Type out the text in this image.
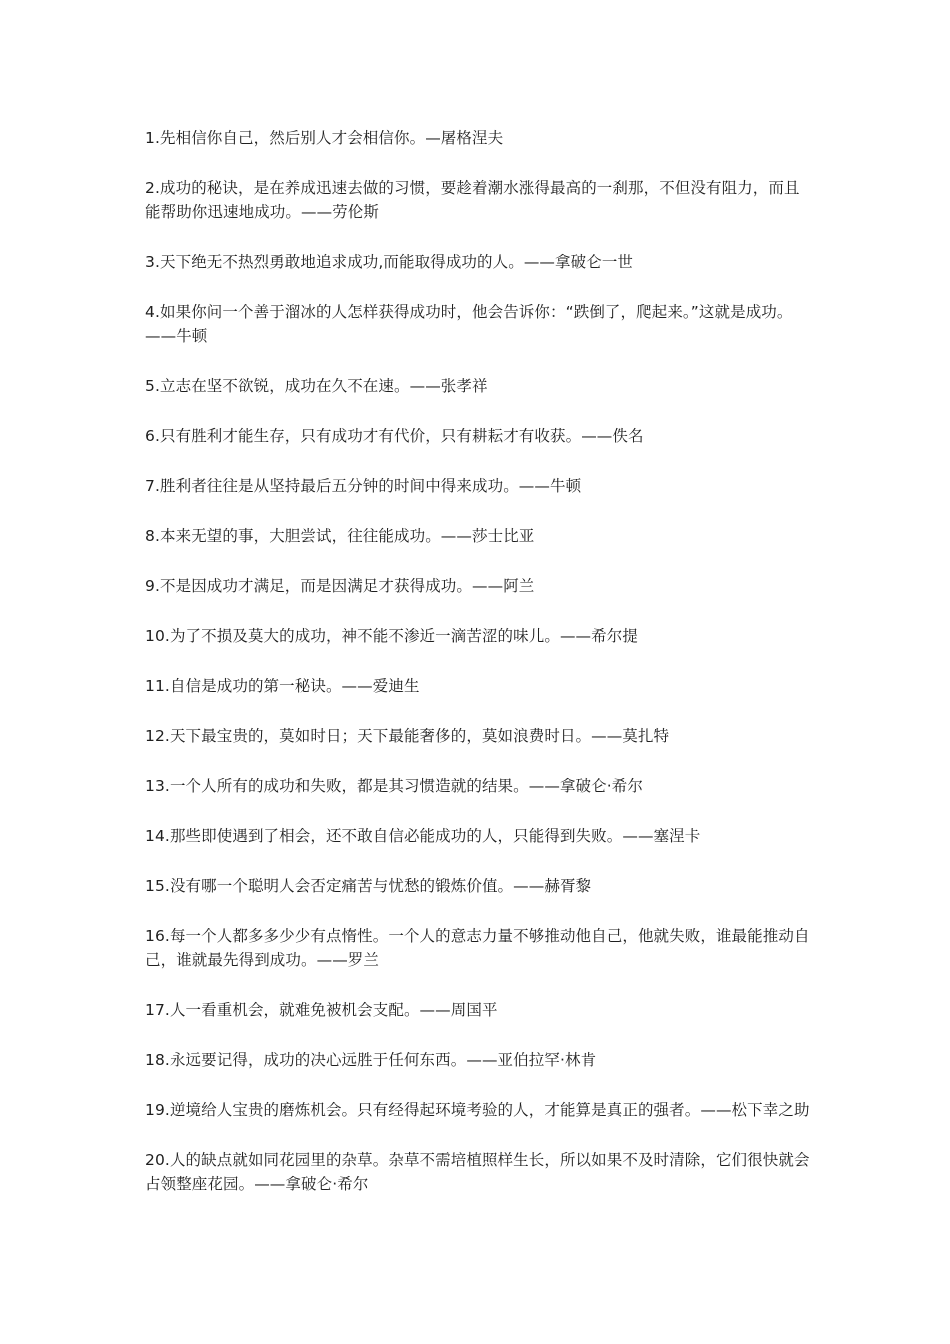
1.先相信你自己，然后别人才会相信你。—屠格涅夫
2.成功的秘诀，是在养成迅速去做的习惯，要趁着潮水涨得最高的一刹那，不但没有阻力，而且能帮助你迅速地成功。——劳伦斯
3.天下绝无不热烈勇敢地追求成功,而能取得成功的人。——拿破仑一世
4.如果你问一个善于溜冰的人怎样获得成功时，他会告诉你：“跌倒了，爬起来。”这就是成功。——牛顿
5.立志在坚不欲锐，成功在久不在速。——张孝祥
6.只有胜利才能生存，只有成功才有代价，只有耕耘才有收获。——佚名
7.胜利者往往是从坚持最后五分钟的时间中得来成功。——牛顿
8.本来无望的事，大胆尝试，往往能成功。——莎士比亚
9.不是因成功才满足，而是因满足才获得成功。——阿兰
10.为了不损及莫大的成功，神不能不渗近一滴苦涩的味儿。——希尔提
11.自信是成功的第一秘诀。——爱迪生
12.天下最宝贵的，莫如时日；天下最能奢侈的，莫如浪费时日。——莫扎特
13.一个人所有的成功和失败，都是其习惯造就的结果。——拿破仑·希尔
14.那些即使遇到了相会，还不敢自信必能成功的人，只能得到失败。——塞涅卡
15.没有哪一个聪明人会否定痛苦与忧愁的锻炼价值。——赫胥黎
16.每一个人都多多少少有点惰性。一个人的意志力量不够推动他自己，他就失败，谁最能推动自己，谁就最先得到成功。——罗兰
17.人一看重机会，就难免被机会支配。——周国平
18.永远要记得，成功的决心远胜于任何东西。——亚伯拉罕·林肯
19.逆境给人宝贵的磨炼机会。只有经得起环境考验的人，才能算是真正的强者。——松下幸之助
20.人的缺点就如同花园里的杂草。杂草不需培植照样生长，所以如果不及时清除，它们很快就会占领整座花园。——拿破仑·希尔
